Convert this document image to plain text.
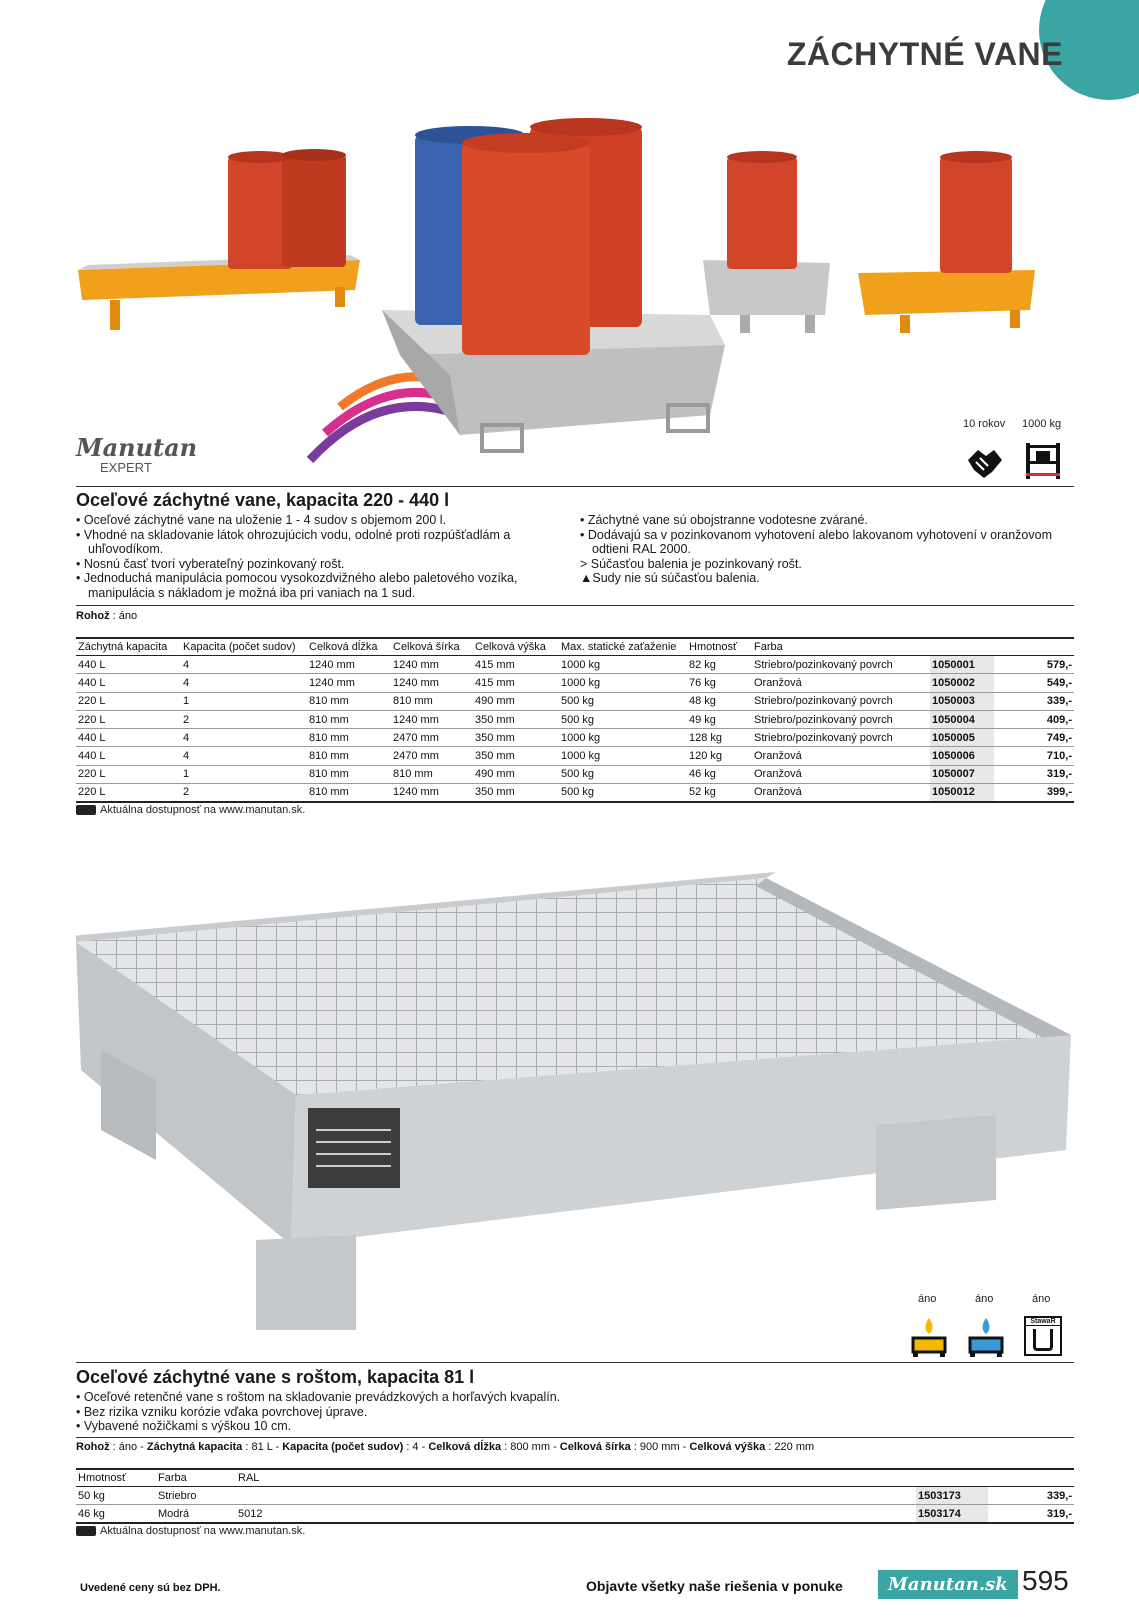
ZÁCHYTNÉ VANE
Manutan
EXPERT
10 rokov 1000 kg
Oceľové záchytné vane, kapacita 220 - 440 l
• Oceľové záchytné vane na uloženie 1 - 4 sudov s objemom 200 l.
• Vhodné na skladovanie látok ohrozujúcich vodu, odolné proti rozpúšťadlám a uhľovodíkom.
• Nosnú časť tvorí vyberateľný pozinkovaný rošt.
• Jednoduchá manipulácia pomocou vysokozdvižného alebo paletového vozíka, manipulácia s nákladom je možná iba pri vaniach na 1 sud.
• Záchytné vane sú obojstranne vodotesne zvárané.
• Dodávajú sa v pozinkovanom vyhotovení alebo lakovanom vyhotovení v oranžovom odtieni RAL 2000.
> Súčasťou balenia je pozinkovaný rošt.
▲Sudy nie sú súčasťou balenia.
Rohož : áno
Záchytná kapacita	Kapacita (počet sudov)	Celková dĺžka	Celková šírka	Celková výška	Max. statické zaťaženie	Hmotnosť	Farba		
440 L	4	1240 mm	1240 mm	415 mm	1000 kg	82 kg	Striebro/pozinkovaný povrch	1050001	579,-
440 L	4	1240 mm	1240 mm	415 mm	1000 kg	76 kg	Oranžová	1050002	549,-
220 L	1	810 mm	810 mm	490 mm	500 kg	48 kg	Striebro/pozinkovaný povrch	1050003	339,-
220 L	2	810 mm	1240 mm	350 mm	500 kg	49 kg	Striebro/pozinkovaný povrch	1050004	409,-
440 L	4	810 mm	2470 mm	350 mm	1000 kg	128 kg	Striebro/pozinkovaný povrch	1050005	749,-
440 L	4	810 mm	2470 mm	350 mm	1000 kg	120 kg	Oranžová	1050006	710,-
220 L	1	810 mm	810 mm	490 mm	500 kg	46 kg	Oranžová	1050007	319,-
220 L	2	810 mm	1240 mm	350 mm	500 kg	52 kg	Oranžová	1050012	399,-
Aktuálna dostupnosť na www.manutan.sk.
áno	áno	áno
StawaR
Oceľové záchytné vane s roštom, kapacita 81 l
• Oceľové retenčné vane s roštom na skladovanie prevádzkových a horľavých kvapalín.
• Bez rizika vzniku korózie vďaka povrchovej úprave.
• Vybavené nožičkami s výškou 10 cm.
Rohož : áno - Záchytná kapacita : 81 L - Kapacita (počet sudov) : 4 - Celková dĺžka : 800 mm - Celková šírka : 900 mm - Celková výška : 220 mm
Hmotnosť	Farba	RAL		
50 kg	Striebro		1503173	339,-
46 kg	Modrá	5012	1503174	319,-
Aktuálna dostupnosť na www.manutan.sk.
Uvedené ceny sú bez DPH.	Objavte všetky naše riešenia v ponuke	Manutan.sk 595
